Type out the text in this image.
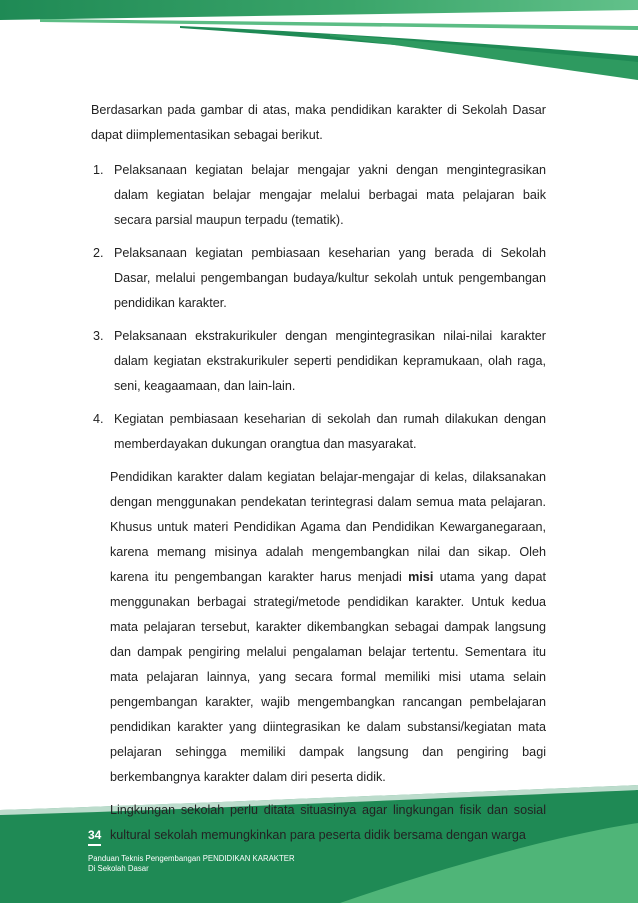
Berdasarkan pada gambar di atas, maka pendidikan karakter di Sekolah Dasar dapat diimplementasikan sebagai berikut.

1. Pelaksanaan kegiatan belajar mengajar yakni dengan mengintegrasikan dalam kegiatan belajar mengajar melalui berbagai mata pelajaran baik secara parsial maupun terpadu (tematik).
2. Pelaksanaan kegiatan pembiasaan keseharian yang berada di Sekolah Dasar, melalui pengembangan budaya/kultur sekolah untuk pengembangan pendidikan karakter.
3. Pelaksanaan ekstrakurikuler dengan mengintegrasikan nilai-nilai karakter dalam kegiatan ekstrakurikuler seperti pendidikan kepramukaan, olah raga, seni, keagaamaan, dan lain-lain.
4. Kegiatan pembiasaan keseharian di sekolah dan rumah dilakukan dengan memberdayakan dukungan orangtua dan masyarakat.

Pendidikan karakter dalam kegiatan belajar-mengajar di kelas, dilaksanakan dengan menggunakan pendekatan terintegrasi dalam semua mata pelajaran. Khusus untuk materi Pendidikan Agama dan Pendidikan Kewarganegaraan, karena memang misinya adalah mengembangkan nilai dan sikap. Oleh karena itu pengembangan karakter harus menjadi misi utama yang dapat menggunakan berbagai strategi/metode pendidikan karakter. Untuk kedua mata pelajaran tersebut, karakter dikembangkan sebagai dampak langsung dan dampak pengiring melalui pengalaman belajar tertentu. Sementara itu mata pelajaran lainnya, yang secara formal memiliki misi utama selain pengembangan karakter, wajib mengembangkan rancangan pembelajaran pendidikan karakter yang diintegrasikan ke dalam substansi/kegiatan mata pelajaran sehingga memiliki dampak langsung dan pengiring bagi berkembangnya karakter dalam diri peserta didik.

Lingkungan sekolah perlu ditata situasinya agar lingkungan fisik dan sosial kultural sekolah memungkinkan para peserta didik bersama dengan warga

34
Panduan Teknis Pengembangan PENDIDIKAN KARAKTER
Di Sekolah Dasar
